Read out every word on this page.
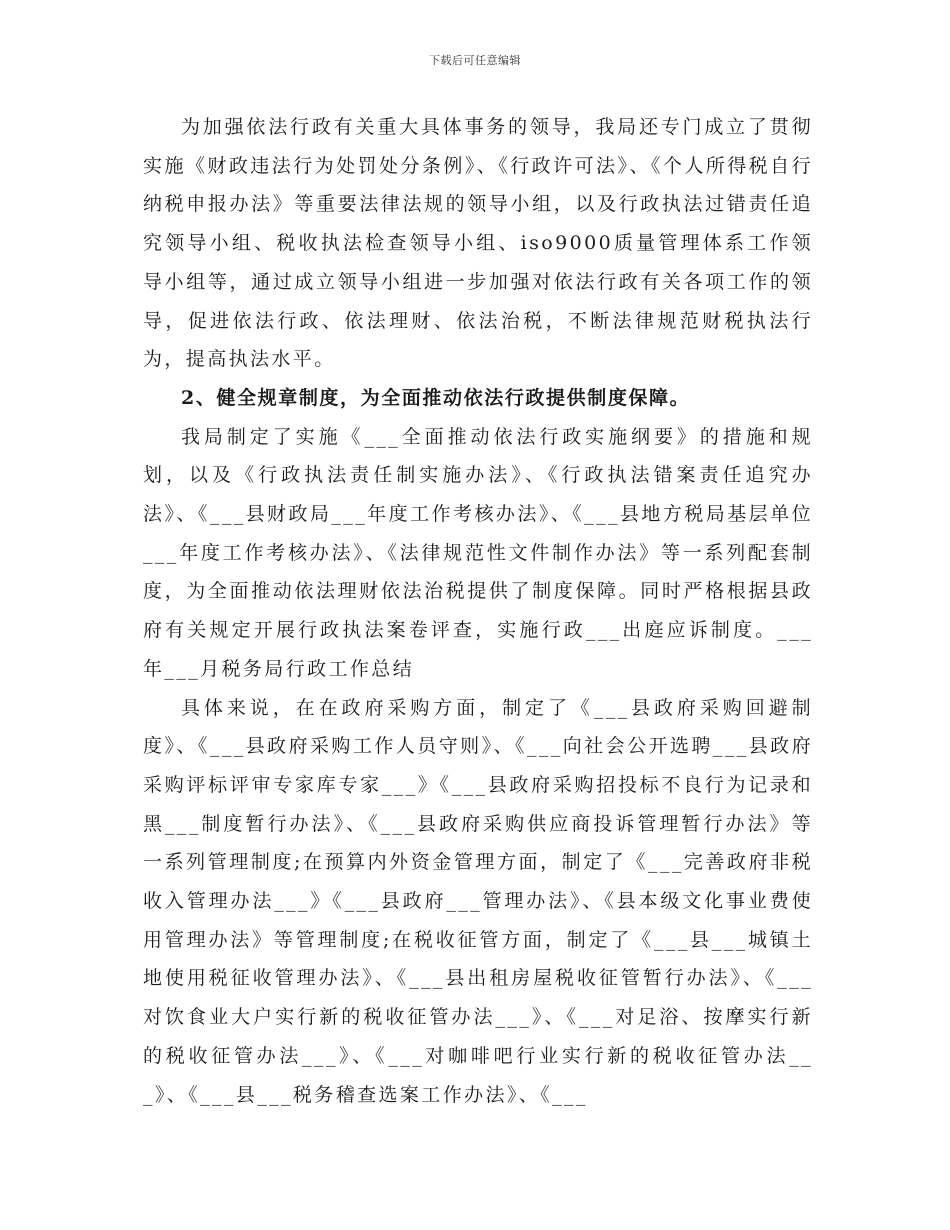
下载后可任意编辑

为加强依法行政有关重大具体事务的领导，我局还专门成立了贯彻实施《财政违法行为处罚处分条例》、《行政许可法》、《个人所得税自行纳税申报办法》等重要法律法规的领导小组，以及行政执法过错责任追究领导小组、税收执法检查领导小组、iso9000质量管理体系工作领导小组等，通过成立领导小组进一步加强对依法行政有关各项工作的领导，促进依法行政、依法理财、依法治税，不断法律规范财税执法行为，提高执法水平。

2、健全规章制度，为全面推动依法行政提供制度保障。

我局制定了实施《___全面推动依法行政实施纲要》的措施和规划，以及《行政执法责任制实施办法》、《行政执法错案责任追究办法》、《___县财政局___年度工作考核办法》、《___县地方税局基层单位___年度工作考核办法》、《法律规范性文件制作办法》等一系列配套制度，为全面推动依法理财依法治税提供了制度保障。同时严格根据县政府有关规定开展行政执法案卷评查，实施行政___出庭应诉制度。___年___月税务局行政工作总结

具体来说，在在政府采购方面，制定了《___县政府采购回避制度》、《___县政府采购工作人员守则》、《___向社会公开选聘___县政府采购评标评审专家库专家___》《___县政府采购招投标不良行为记录和黑___制度暂行办法》、《___县政府采购供应商投诉管理暂行办法》等一系列管理制度;在预算内外资金管理方面，制定了《___完善政府非税收入管理办法___》《___县政府___管理办法》、《县本级文化事业费使用管理办法》等管理制度;在税收征管方面，制定了《___县___城镇土地使用税征收管理办法》、《___县出租房屋税收征管暂行办法》、《___对饮食业大户实行新的税收征管办法___》、《___对足浴、按摩实行新的税收征管办法___》、《___对咖啡吧行业实行新的税收征管办法___》、《___县___税务稽查选案工作办法》、《___
